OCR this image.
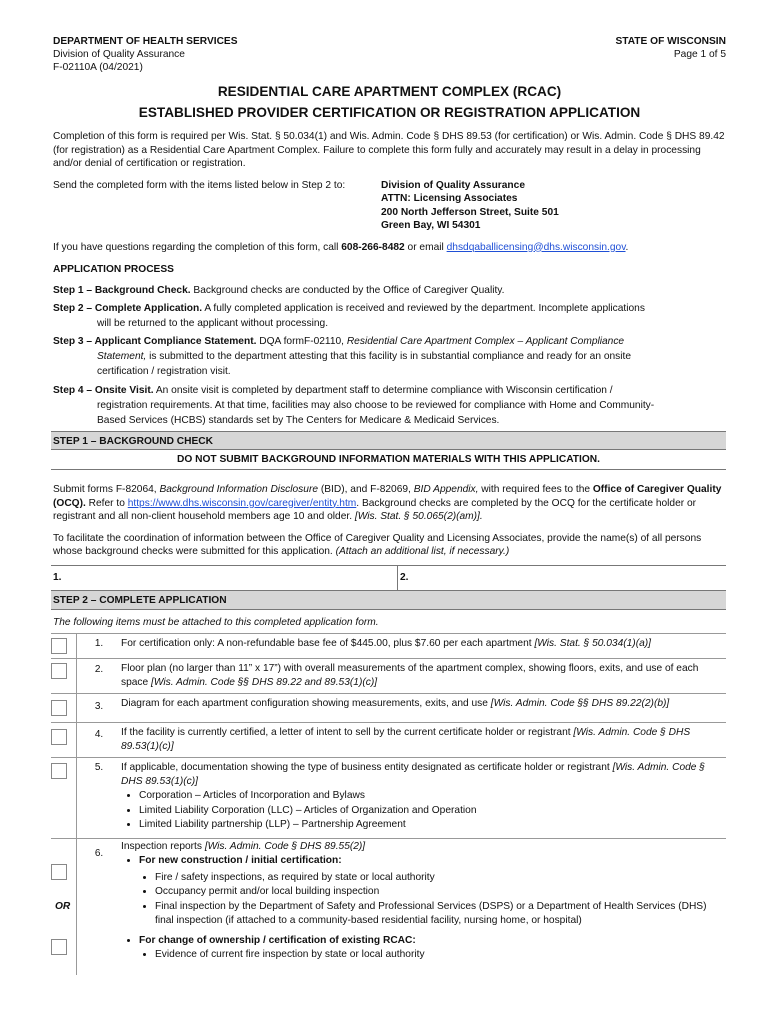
DEPARTMENT OF HEALTH SERVICES
Division of Quality Assurance
F-02110A (04/2021)
STATE OF WISCONSIN
Page 1 of 5
RESIDENTIAL CARE APARTMENT COMPLEX (RCAC)
ESTABLISHED PROVIDER CERTIFICATION OR REGISTRATION APPLICATION

Completion of this form is required per Wis. Stat. § 50.034(1) and Wis. Admin. Code § DHS 89.53 (for certification) or Wis. Admin. Code § DHS 89.42 (for registration) as a Residential Care Apartment Complex. Failure to complete this form fully and accurately may result in a delay in processing and/or denial of certification or registration.

Send the completed form with the items listed below in Step 2 to:	Division of Quality Assurance
ATTN: Licensing Associates
200 North Jefferson Street, Suite 501
Green Bay, WI 54301

If you have questions regarding the completion of this form, call 608-266-8482 or email dhsdqaballicensing@dhs.wisconsin.gov.

APPLICATION PROCESS
Step 1 – Background Check. Background checks are conducted by the Office of Caregiver Quality.
Step 2 – Complete Application. A fully completed application is received and reviewed by the department. Incomplete applications
will be returned to the applicant without processing.
Step 3 – Applicant Compliance Statement. DQA formF-02110, Residential Care Apartment Complex – Applicant Compliance
Statement, is submitted to the department attesting that this facility is in substantial compliance and ready for an onsite
certification / registration visit.
Step 4 – Onsite Visit. An onsite visit is completed by department staff to determine compliance with Wisconsin certification /
registration requirements. At that time, facilities may also choose to be reviewed for compliance with Home and Community-
Based Services (HCBS) standards set by The Centers for Medicare & Medicaid Services.
STEP 1 – BACKGROUND CHECK
DO NOT SUBMIT BACKGROUND INFORMATION MATERIALS WITH THIS APPLICATION.

Submit forms F-82064, Background Information Disclosure (BID), and F-82069, BID Appendix, with required fees to the Office of Caregiver Quality (OCQ). Refer to https://www.dhs.wisconsin.gov/caregiver/entity.htm. Background checks are completed by the OCQ for the certificate holder or registrant and all non-client household members age 10 and older. [Wis. Stat. § 50.065(2)(am)].

To facilitate the coordination of information between the Office of Caregiver Quality and Licensing Associates, provide the name(s) of all persons whose background checks were submitted for this application. (Attach an additional list, if necessary.)

1.	2.
STEP 2 – COMPLETE APPLICATION

The following items must be attached to this completed application form.

1.	For certification only: A non-refundable base fee of $445.00, plus $7.60 per each apartment [Wis. Stat. § 50.034(1)(a)]
2.	Floor plan (no larger than 11” x 17”) with overall measurements of the apartment complex, showing floors, exits, and use of each space [Wis. Admin. Code §§ DHS 89.22 and 89.53(1)(c)]
3.	Diagram for each apartment configuration showing measurements, exits, and use [Wis. Admin. Code §§ DHS 89.22(2)(b)]
4.	If the facility is currently certified, a letter of intent to sell by the current certificate holder or registrant [Wis. Admin. Code § DHS 89.53(1)(c)]
5.	If applicable, documentation showing the type of business entity designated as certificate holder or registrant [Wis. Admin. Code § DHS 89.53(1)(c)]
• Corporation – Articles of Incorporation and Bylaws
• Limited Liability Corporation (LLC) – Articles of Organization and Operation
• Limited Liability partnership (LLP) – Partnership Agreement
OR
6.
Inspection reports [Wis. Admin. Code § DHS 89.55(2)]
• For new construction / initial certification:
• Fire / safety inspections, as required by state or local authority
• Occupancy permit and/or local building inspection
• Final inspection by the Department of Safety and Professional Services (DSPS) or a Department of Health Services (DHS) final inspection (if attached to a community-based residential facility, nursing home, or hospital)
• For change of ownership / certification of existing RCAC:
• Evidence of current fire inspection by state or local authority
